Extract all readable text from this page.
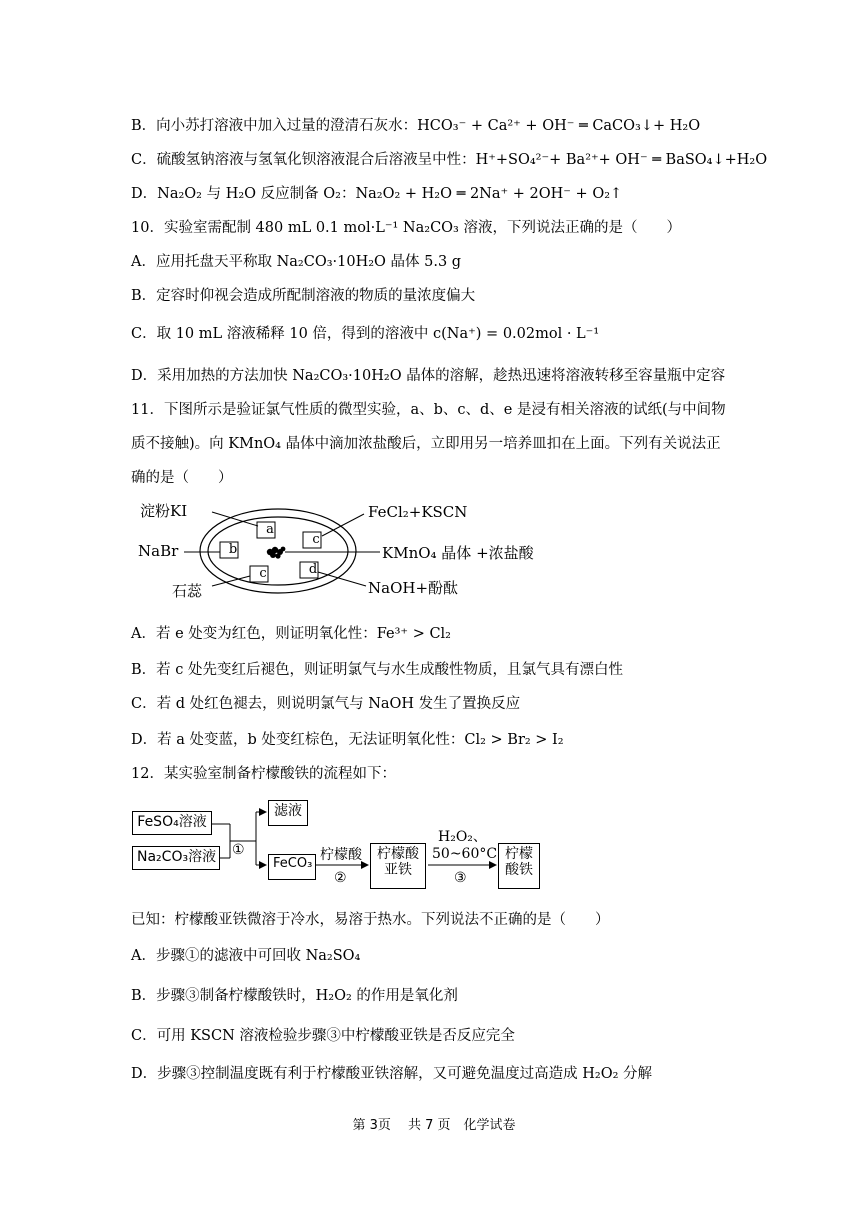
B．向小苏打溶液中加入过量的澄清石灰水：HCO₃⁻ + Ca²⁺ + OH⁻ ═ CaCO₃↓+ H₂O
C．硫酸氢钠溶液与氢氧化钡溶液混合后溶液呈中性：H⁺+SO₄²⁻+ Ba²⁺+ OH⁻ ═ BaSO₄↓+H₂O
D．Na₂O₂ 与 H₂O 反应制备 O₂：Na₂O₂ + H₂O ═ 2Na⁺ + 2OH⁻ + O₂↑
10．实验室需配制 480 mL 0.1 mol·L⁻¹ Na₂CO₃ 溶液，下列说法正确的是（　　）
A．应用托盘天平称取 Na₂CO₃·10H₂O 晶体 5.3 g
B．定容时仰视会造成所配制溶液的物质的量浓度偏大
C．取 10 mL 溶液稀释 10 倍，得到的溶液中 c(Na⁺) = 0.02mol · L⁻¹
D．采用加热的方法加快 Na₂CO₃·10H₂O 晶体的溶解，趁热迅速将溶液转移至容量瓶中定容
11．下图所示是验证氯气性质的微型实验，a、b、c、d、e 是浸有相关溶液的试纸(与中间物
质不接触)。向 KMnO₄ 晶体中滴加浓盐酸后，立即用另一培养皿扣在上面。下列有关说法正
确的是（　　）
a
b
c
c	d
淀粉KI
NaBr
石蕊
FeCl₂+KSCN
KMnO₄ 晶体 +浓盐酸
NaOH+酚酞
A．若 e 处变为红色，则证明氧化性：Fe³⁺ > Cl₂
B．若 c 处先变红后褪色，则证明氯气与水生成酸性物质，且氯气具有漂白性
C．若 d 处红色褪去，则说明氯气与 NaOH 发生了置换反应
D．若 a 处变蓝，b 处变红棕色，无法证明氧化性：Cl₂ > Br₂ > I₂
12．某实验室制备柠檬酸铁的流程如下：
FeSO₄溶液
Na₂CO₃溶液 ①
滤液
FeCO₃
柠檬酸
②
柠檬酸
亚铁
H₂O₂、
50~60°C
③
柠檬
酸铁
已知：柠檬酸亚铁微溶于冷水，易溶于热水。下列说法不正确的是（　　）
A．步骤①的滤液中可回收 Na₂SO₄
B．步骤③制备柠檬酸铁时，H₂O₂ 的作用是氧化剂
C．可用 KSCN 溶液检验步骤③中柠檬酸亚铁是否反应完全
D．步骤③控制温度既有利于柠檬酸亚铁溶解，又可避免温度过高造成 H₂O₂ 分解
第 3页　 共 7 页　化学试卷
